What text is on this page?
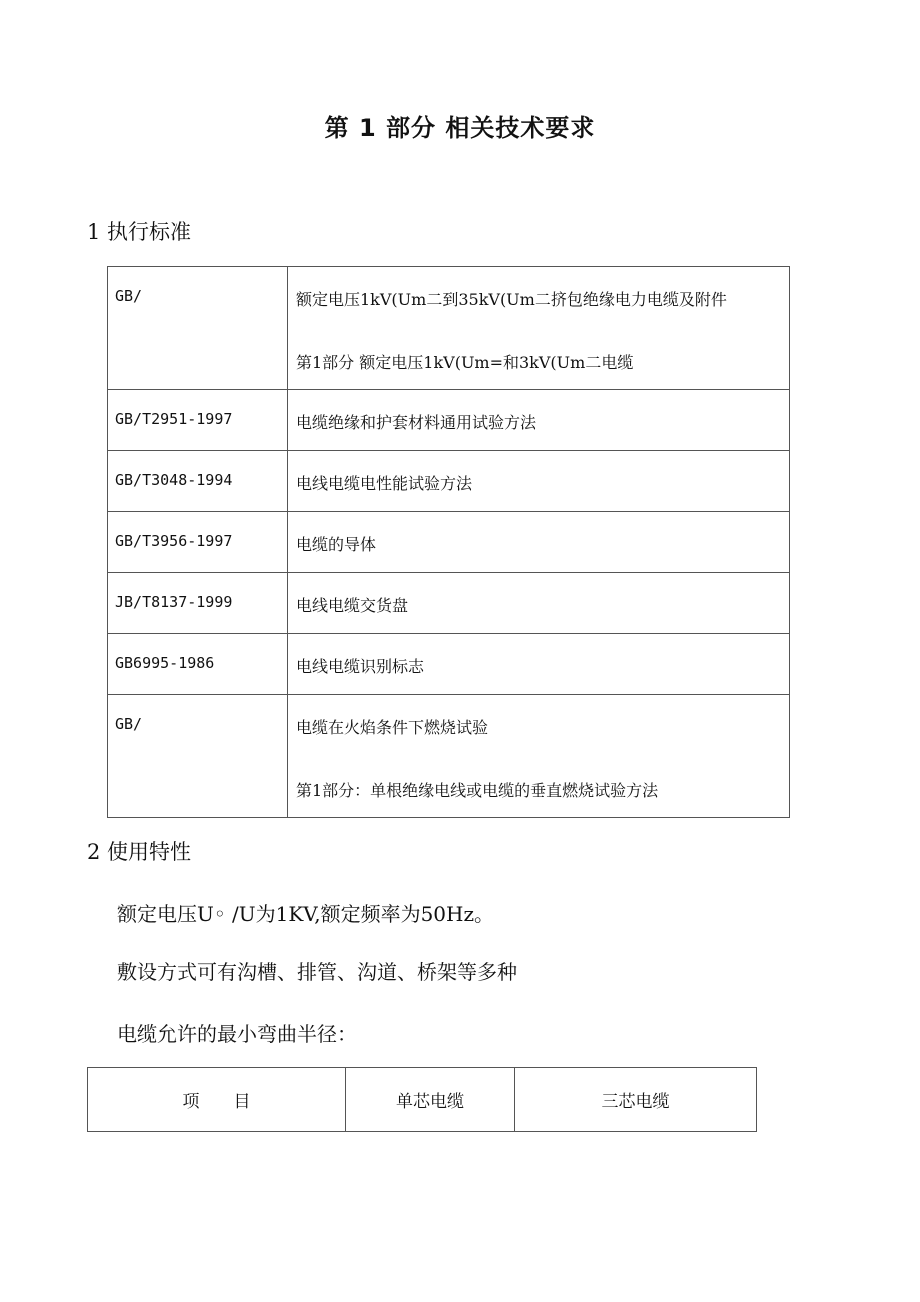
第 1 部分 相关技术要求
1 执行标准
GB/	额定电压1kV(Um二到35kV(Um二挤包绝缘电力电缆及附件
第1部分 额定电压1kV(Um=和3kV(Um二电缆

GB/T2951-1997	电缆绝缘和护套材料通用试验方法
GB/T3048-1994	电线电缆电性能试验方法
GB/T3956-1997	电缆的导体
JB/T8137-1999	电线电缆交货盘
GB6995-1986	电线电缆识别标志
GB/	电缆在火焰条件下燃烧试验
第1部分：单根绝缘电线或电缆的垂直燃烧试验方法
2 使用特性
额定电压U◦ /U为1KV,额定频率为50Hz。
敷设方式可有沟槽、排管、沟道、桥架等多种
电缆允许的最小弯曲半径：
项　　目	单芯电缆	三芯电缆
